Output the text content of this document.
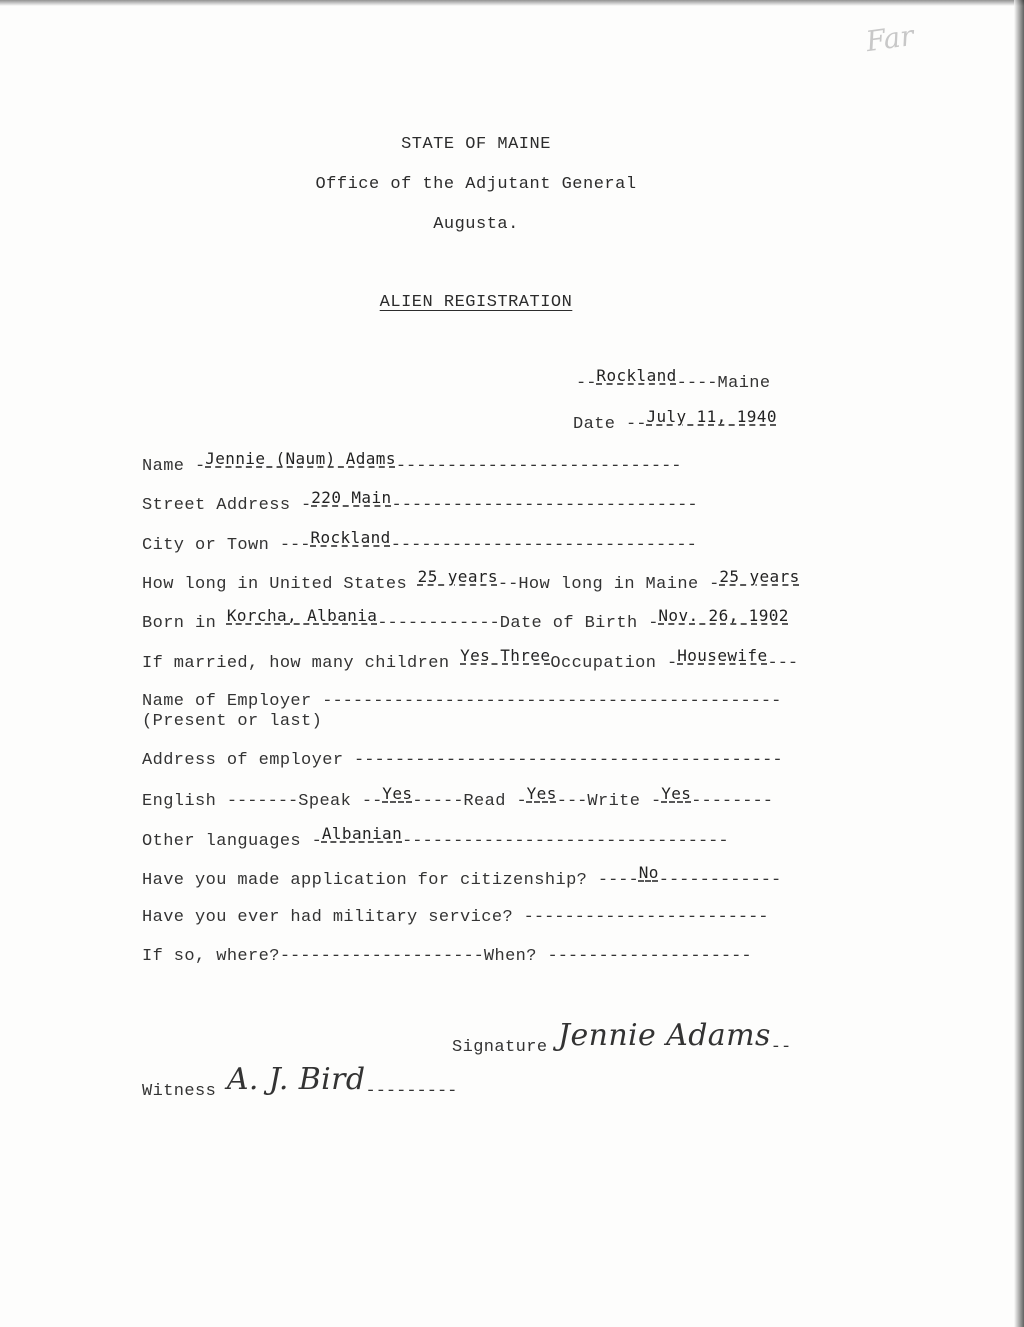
Far
STATE OF MAINE
Office of the Adjutant General
Augusta.
ALIEN REGISTRATION
--Rockland----Maine
Date --July 11, 1940
Name -Jennie (Naum) Adams----------------------------
Street Address -220 Main------------------------------
City or Town ---Rockland------------------------------
How long in United States 25 years--How long in Maine -25 years
Born in Korcha, Albania------------Date of Birth -Nov. 26, 1902
If married, how many children Yes ThreeOccupation -Housewife---
Name of Employer ---------------------------------------------
(Present or last)
Address of employer ------------------------------------------
English -------Speak --Yes-----Read -Yes---Write -Yes--------
Other languages -Albanian--------------------------------
Have you made application for citizenship? ----No------------
Have you ever had military service? ------------------------
If so, where?--------------------When? --------------------
Signature Jennie Adams--
Witness A. J. Bird---------
